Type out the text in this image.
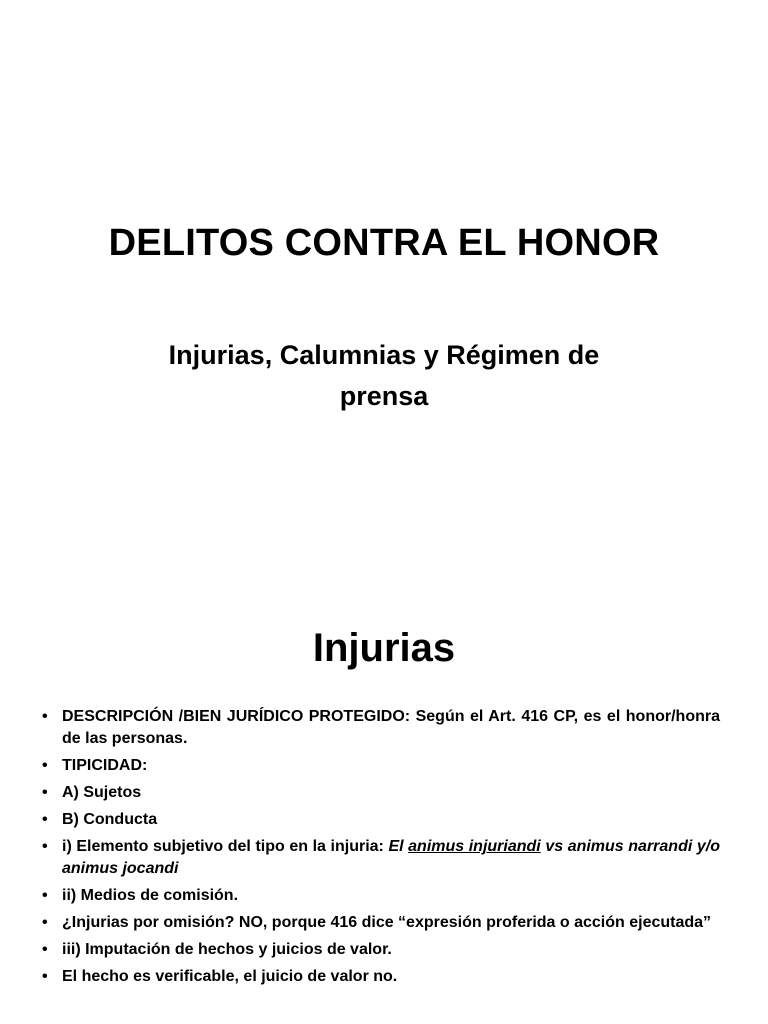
DELITOS CONTRA EL HONOR
Injurias, Calumnias y Régimen de
prensa
Injurias
• DESCRIPCIÓN /BIEN JURÍDICO PROTEGIDO: Según el Art. 416 CP, es el honor/honra de las personas.
• TIPICIDAD:
• A) Sujetos
• B) Conducta
• i) Elemento subjetivo del tipo en la injuria: El animus injuriandi vs animus narrandi y/o animus jocandi
• ii) Medios de comisión.
• ¿Injurias por omisión? NO, porque 416 dice “expresión proferida o acción ejecutada”
• iii) Imputación de hechos y juicios de valor.
• El hecho es verificable, el juicio de valor no.
